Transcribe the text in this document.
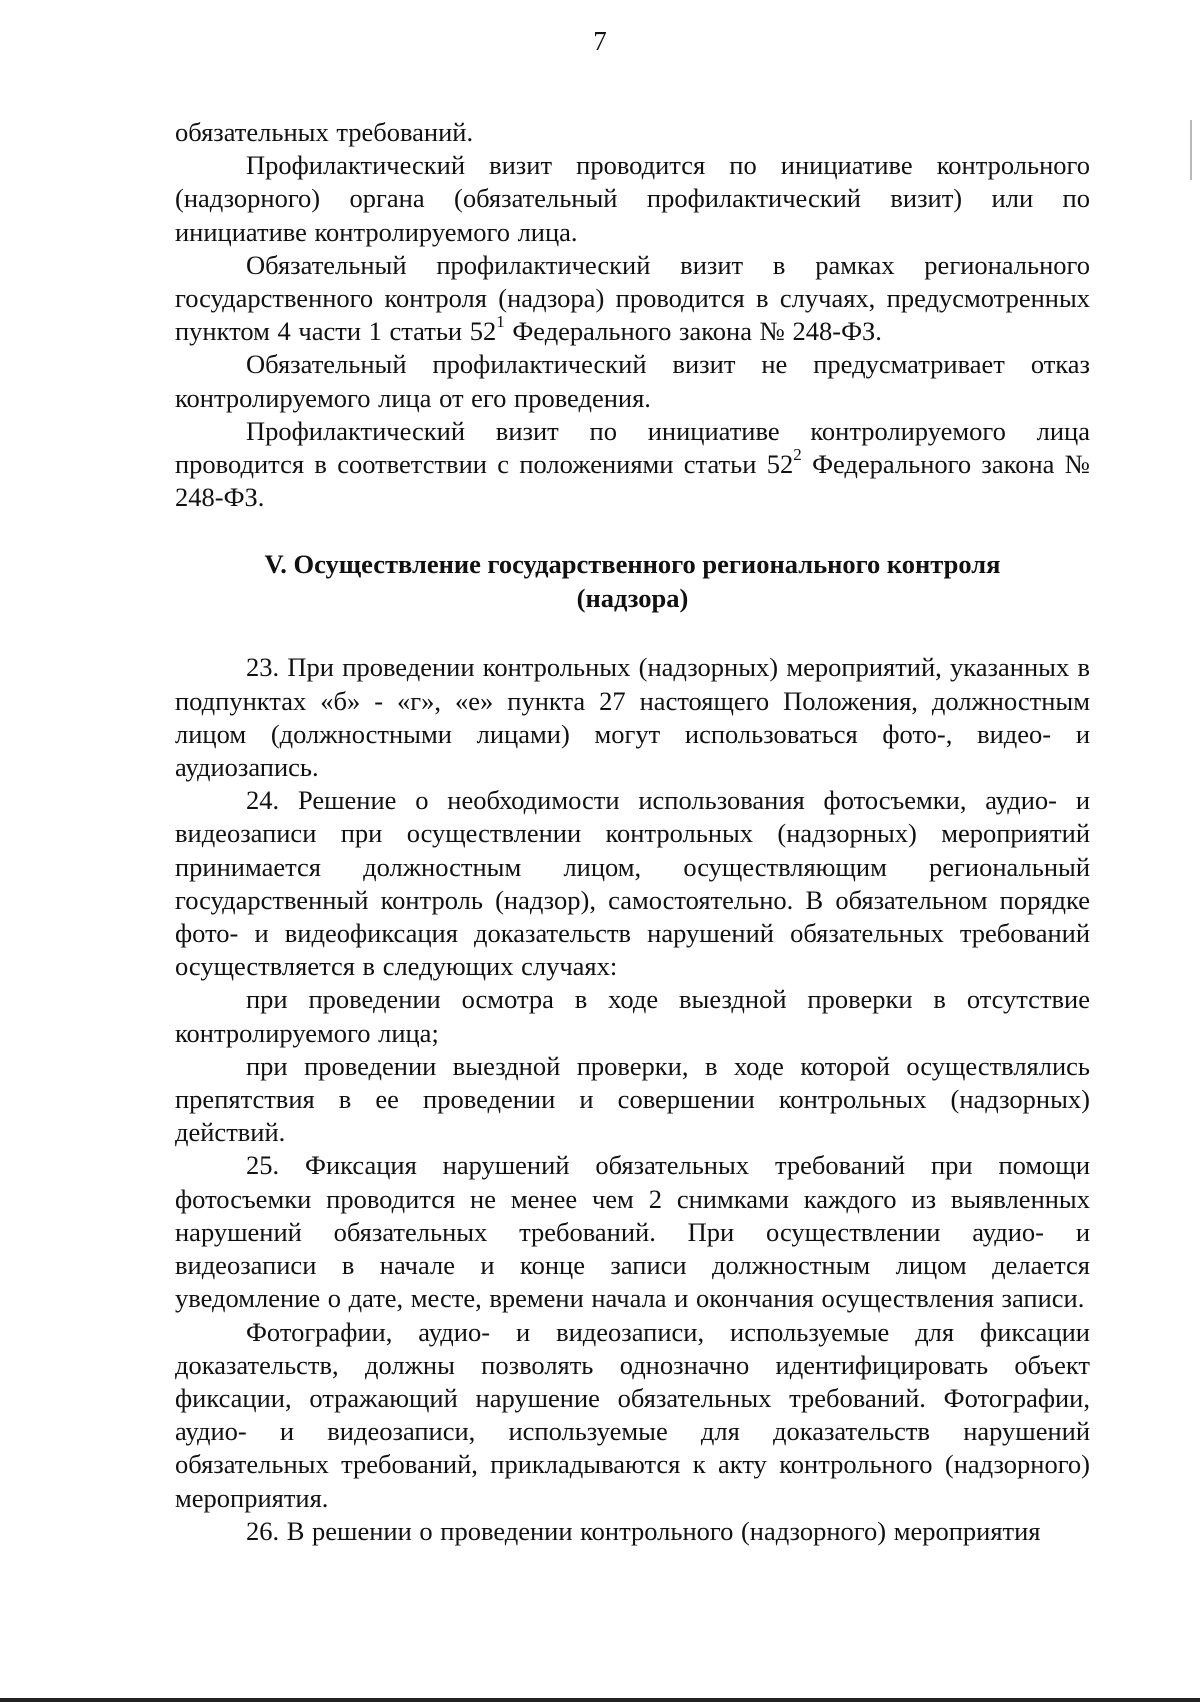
7

обязательных требований.

Профилактический визит проводится по инициативе контрольного (надзорного) органа (обязательный профилактический визит) или по инициативе контролируемого лица.

Обязательный профилактический визит в рамках регионального государственного контроля (надзора) проводится в случаях, предусмотренных пунктом 4 части 1 статьи $52^1$ Федерального закона № 248-ФЗ.

Обязательный профилактический визит не предусматривает отказ контролируемого лица от его проведения.

Профилактический визит по инициативе контролируемого лица проводится в соответствии с положениями статьи $52^2$ Федерального закона № 248-ФЗ.

V. Осуществление государственного регионального контроля
(надзора)

23. При проведении контрольных (надзорных) мероприятий, указанных в подпунктах «б» - «г», «е» пункта 27 настоящего Положения, должностным лицом (должностными лицами) могут использоваться фото-, видео- и аудиозапись.

24. Решение о необходимости использования фотосъемки, аудио- и видеозаписи при осуществлении контрольных (надзорных) мероприятий принимается должностным лицом, осуществляющим региональный государственный контроль (надзор), самостоятельно. В обязательном порядке фото- и видеофиксация доказательств нарушений обязательных требований осуществляется в следующих случаях:

при проведении осмотра в ходе выездной проверки в отсутствие контролируемого лица;

при проведении выездной проверки, в ходе которой осуществлялись препятствия в ее проведении и совершении контрольных (надзорных) действий.

25. Фиксация нарушений обязательных требований при помощи фотосъемки проводится не менее чем 2 снимками каждого из выявленных нарушений обязательных требований. При осуществлении аудио- и видеозаписи в начале и конце записи должностным лицом делается уведомление о дате, месте, времени начала и окончания осуществления записи.

Фотографии, аудио- и видеозаписи, используемые для фиксации доказательств, должны позволять однозначно идентифицировать объект фиксации, отражающий нарушение обязательных требований. Фотографии, аудио- и видеозаписи, используемые для доказательств нарушений обязательных требований, прикладываются к акту контрольного (надзорного) мероприятия.

26. В решении о проведении контрольного (надзорного) мероприятия
